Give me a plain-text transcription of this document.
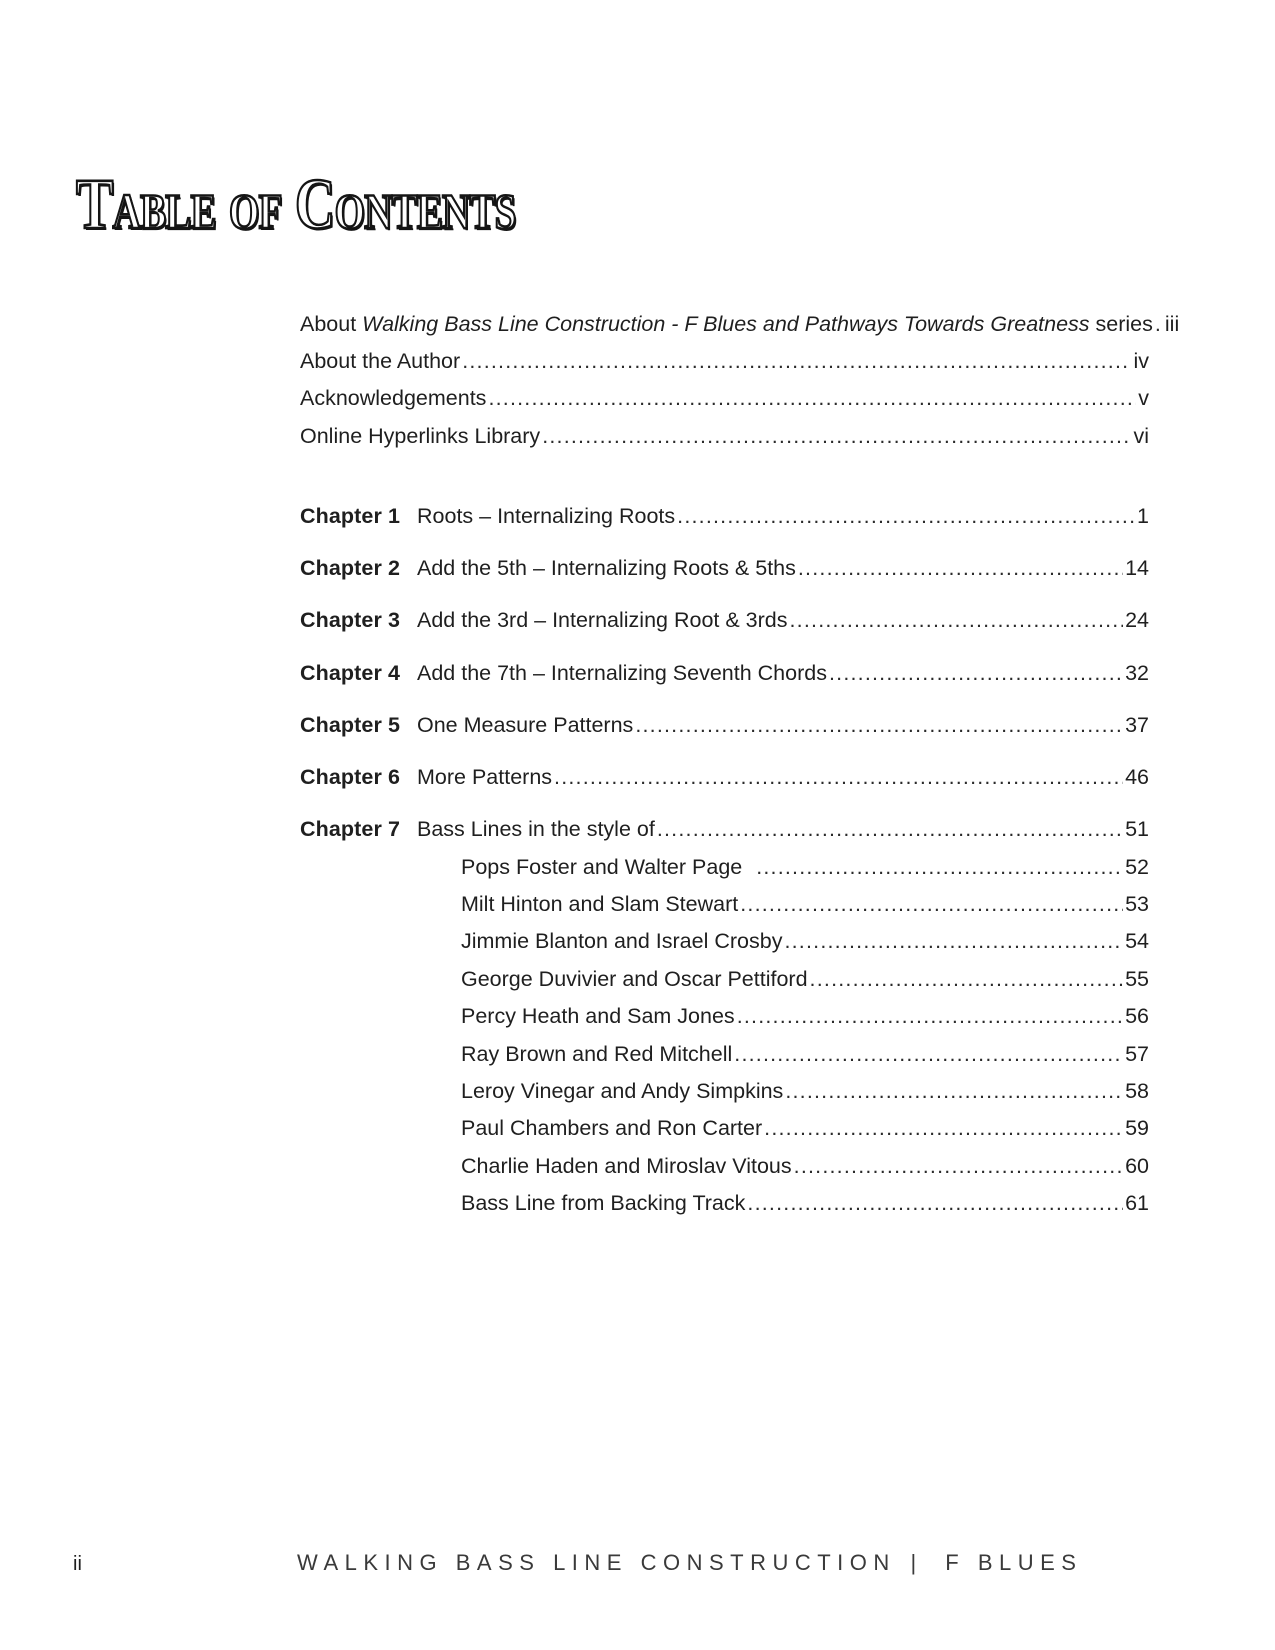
Table of Contents
About Walking Bass Line Construction - F Blues and Pathways Towards Greatness series ..... iii
About the Author .....	iv
Acknowledgements .....	v
Online Hyperlinks Library .....	vi
Chapter 1 Roots – Internalizing Roots .....	1
Chapter 2 Add the 5th – Internalizing Roots & 5ths .....	14
Chapter 3 Add the 3rd – Internalizing Root & 3rds .....	24
Chapter 4 Add the 7th – Internalizing Seventh Chords .....	32
Chapter 5 One Measure Patterns .....	37
Chapter 6 More Patterns .....	46
Chapter 7 Bass Lines in the style of .....	51
Pops Foster and Walter Page .....	52
Milt Hinton and Slam Stewart .....	53
Jimmie Blanton and Israel Crosby .....	54
George Duvivier and Oscar Pettiford .....	55
Percy Heath and Sam Jones .....	56
Ray Brown and Red Mitchell .....	57
Leroy Vinegar and Andy Simpkins .....	58
Paul Chambers and Ron Carter .....	59
Charlie Haden and Miroslav Vitous .....	60
Bass Line from Backing Track .....	61
ii	WALKING BASS LINE CONSTRUCTION | F BLUES
